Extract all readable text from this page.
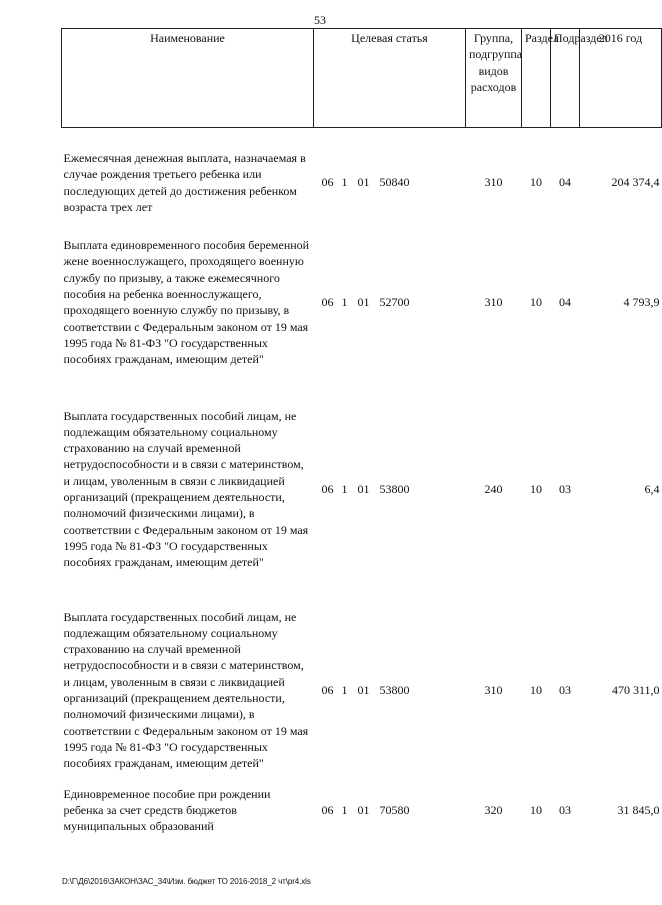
53
Наименование	Целевая статья	Группа, подгруппа видов расходов	Раздел	Подраздел	2016 год

Ежемесячная денежная выплата, назначаемая в случае рождения третьего ребенка или последующих детей до достижения ребенком возраста трех лет	06 1 01 50840	310	10	04	204 374,4

Выплата единовременного пособия беременной жене военнослужащего, проходящего военную службу по призыву, а также ежемесячного пособия на ребенка военнослужащего, проходящего военную службу по призыву, в соответствии с Федеральным законом от 19 мая 1995 года № 81-ФЗ "О государственных пособиях гражданам, имеющим детей"	06 1 01 52700	310	10	04	4 793,9

Выплата государственных пособий лицам, не подлежащим обязательному социальному страхованию на случай временной нетрудоспособности и в связи с материнством, и лицам, уволенным в связи с ликвидацией организаций (прекращением деятельности, полномочий физическими лицами), в соответствии с Федеральным законом от 19 мая 1995 года № 81-ФЗ "О государственных пособиях гражданам, имеющим детей"	06 1 01 53800	240	10	03	6,4

Выплата государственных пособий лицам, не подлежащим обязательному социальному страхованию на случай временной нетрудоспособности и в связи с материнством, и лицам, уволенным в связи с ликвидацией организаций (прекращением деятельности, полномочий физическими лицами), в соответствии с Федеральным законом от 19 мая 1995 года № 81-ФЗ "О государственных пособиях гражданам, имеющим детей"	06 1 01 53800	310	10	03	470 311,0

Единовременное пособие при рождении ребенка за счет средств бюджетов муниципальных образований	06 1 01 70580	320	10	03	31 845,0
D:\Г\Д6\2016\ЗАКОН\ЗАС_34\Изм. бюджет ТО 2016-2018_2 чт\pr4.xls
